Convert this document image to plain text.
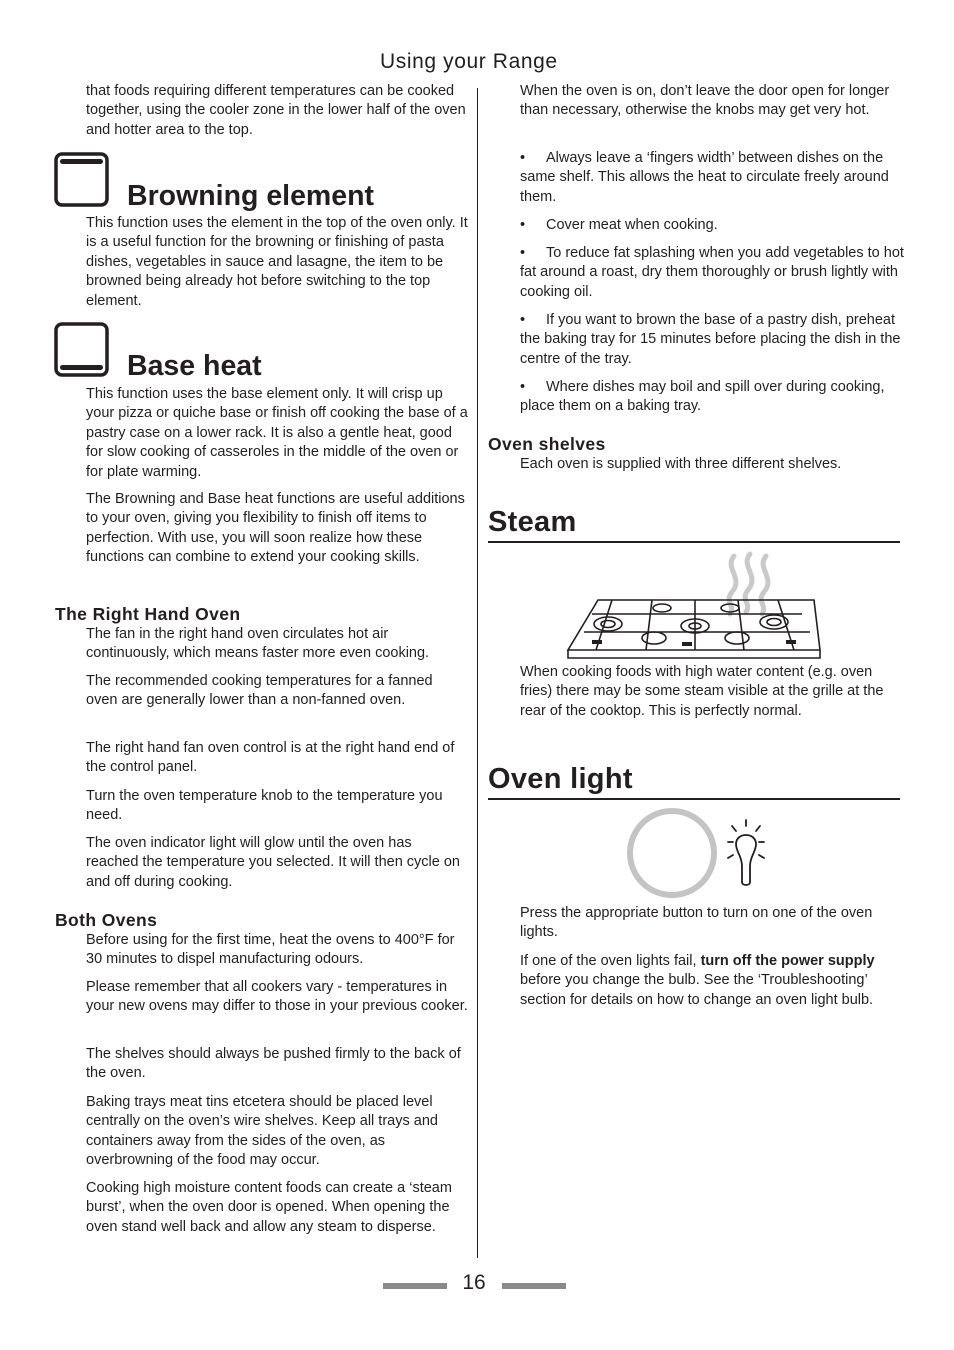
Using your Range

that foods requiring different temperatures can be cooked together, using the cooler zone in the lower half of the oven and hotter area to the top.

Browning element

This function uses the element in the top of the oven only. It is a useful function for the browning or finishing of pasta dishes, vegetables in sauce and lasagne, the item to be browned being already hot before switching to the top element.

Base heat

This function uses the base element only. It will crisp up your pizza or quiche base or finish off cooking the base of a pastry case on a lower rack. It is also a gentle heat, good for slow cooking of casseroles in the middle of the oven or for plate warming.

The Browning and Base heat functions are useful additions to your oven, giving you flexibility to finish off items to perfection. With use, you will soon realize how these functions can combine to extend your cooking skills.

The Right Hand Oven

The fan in the right hand oven circulates hot air continuously, which means faster more even cooking.

The recommended cooking temperatures for a fanned oven are generally lower than a non-fanned oven.

The right hand fan oven control is at the right hand end of the control panel.

Turn the oven temperature knob to the temperature you need.

The oven indicator light will glow until the oven has reached the temperature you selected. It will then cycle on and off during cooking.

Both Ovens

Before using for the first time, heat the ovens to 400°F for 30 minutes to dispel manufacturing odours.

Please remember that all cookers vary - temperatures in your new ovens may differ to those in your previous cooker.

The shelves should always be pushed firmly to the back of the oven.

Baking trays meat tins etcetera should be placed level centrally on the oven’s wire shelves. Keep all trays and containers away from the sides of the oven, as overbrowning of the food may occur.

Cooking high moisture content foods can create a ‘steam burst’, when the oven door is opened. When opening the oven stand well back and allow any steam to disperse.

When the oven is on, don’t leave the door open for longer than necessary, otherwise the knobs may get very hot.

• Always leave a ‘fingers width’ between dishes on the same shelf. This allows the heat to circulate freely around them.

• Cover meat when cooking.

• To reduce fat splashing when you add vegetables to hot fat around a roast, dry them thoroughly or brush lightly with cooking oil.

• If you want to brown the base of a pastry dish, preheat the baking tray for 15 minutes before placing the dish in the centre of the tray.

• Where dishes may boil and spill over during cooking, place them on a baking tray.

Oven shelves

Each oven is supplied with three different shelves.

Steam

When cooking foods with high water content (e.g. oven fries) there may be some steam visible at the grille at the rear of the cooktop. This is perfectly normal.

Oven light

Press the appropriate button to turn on one of the oven lights.

If one of the oven lights fail, turn off the power supply before you change the bulb. See the ‘Troubleshooting’ section for details on how to change an oven light bulb.

16
